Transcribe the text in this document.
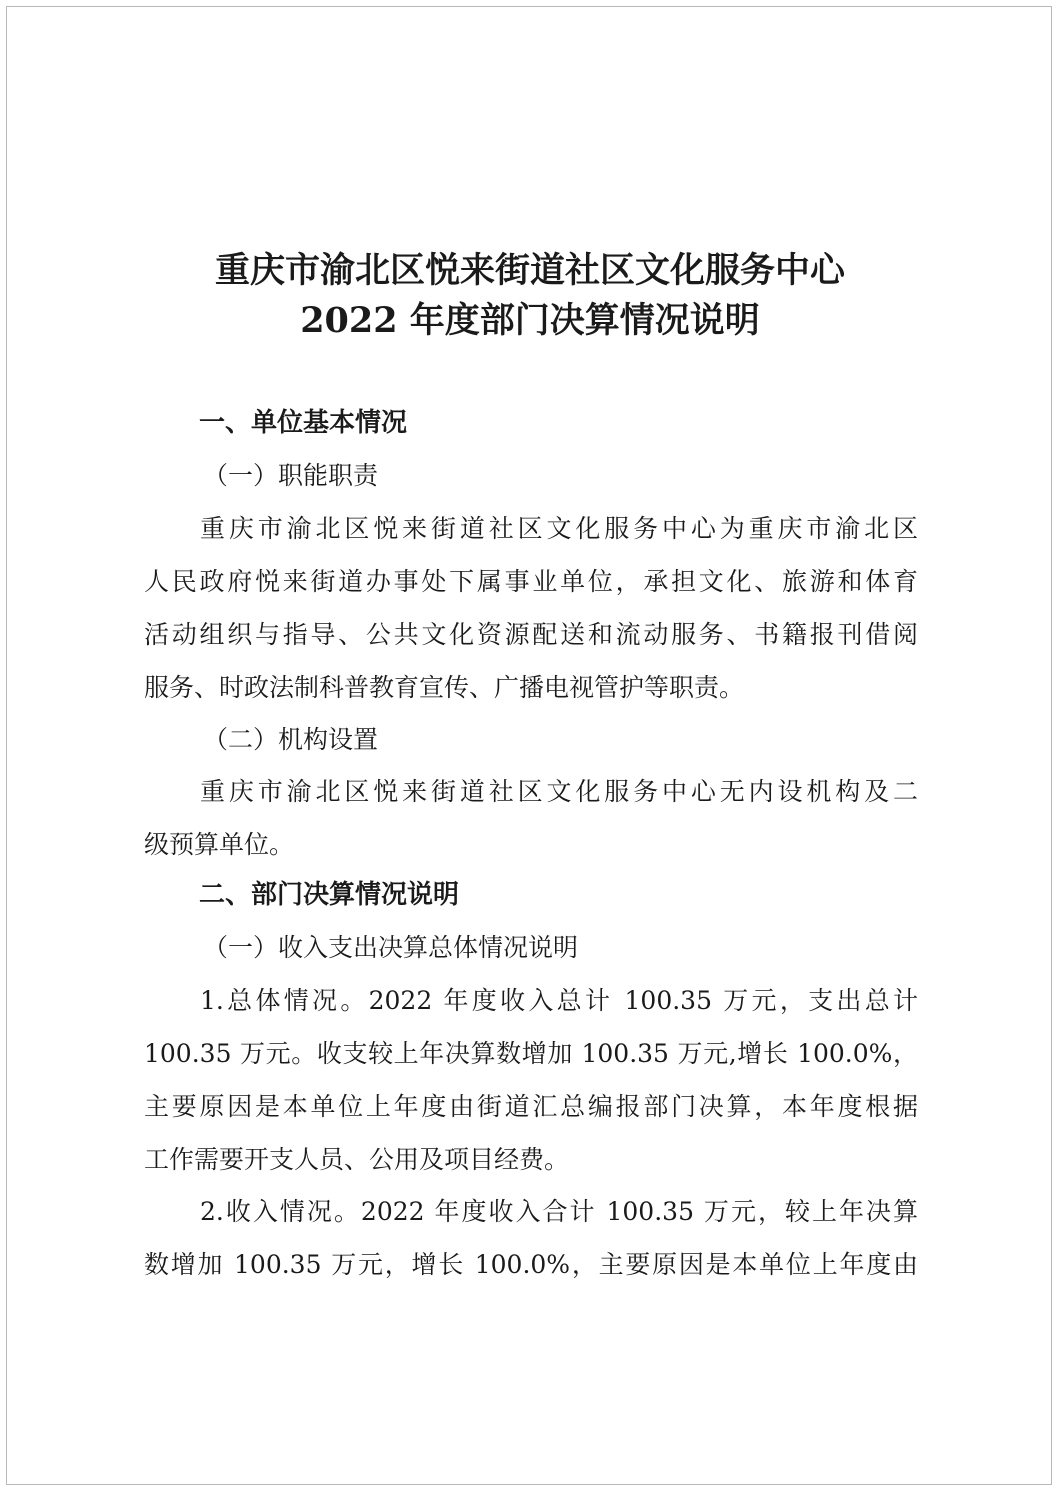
重庆市渝北区悦来街道社区文化服务中心
2022 年度部门决算情况说明
一、单位基本情况
（一）职能职责
重庆市渝北区悦来街道社区文化服务中心为重庆市渝北区
人民政府悦来街道办事处下属事业单位，承担文化、旅游和体育
活动组织与指导、公共文化资源配送和流动服务、书籍报刊借阅
服务、时政法制科普教育宣传、广播电视管护等职责。
（二）机构设置
重庆市渝北区悦来街道社区文化服务中心无内设机构及二
级预算单位。
二、部门决算情况说明
（一）收入支出决算总体情况说明
1.总体情况。2022 年度收入总计 100.35 万元，支出总计
100.35 万元。收支较上年决算数增加 100.35 万元,增长 100.0%，
主要原因是本单位上年度由街道汇总编报部门决算，本年度根据
工作需要开支人员、公用及项目经费。
2.收入情况。2022 年度收入合计 100.35 万元，较上年决算
数增加 100.35 万元，增长 100.0%，主要原因是本单位上年度由
